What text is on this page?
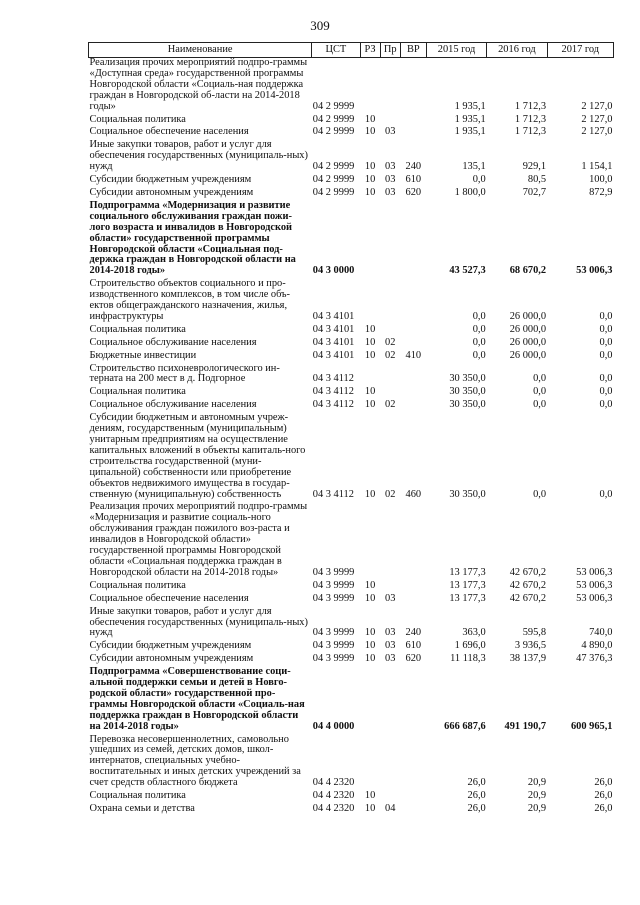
309
Наименование	ЦСТ	РЗ	Пр	ВР	2015 год	2016 год	2017 год
Реализация прочих мероприятий подпро-граммы «Доступная среда» государственной программы Новгородской области «Социаль-ная поддержка граждан в Новгородской об-ласти на 2014-2018 годы»	04 2 9999				1 935,1	1 712,3	2 127,0
Социальная политика	04 2 9999	10			1 935,1	1 712,3	2 127,0
Социальное обеспечение населения	04 2 9999	10	03		1 935,1	1 712,3	2 127,0
Иные закупки товаров, работ и услуг для обеспечения государственных (муниципаль-ных) нужд	04 2 9999	10	03	240	135,1	929,1	1 154,1
Субсидии бюджетным учреждениям	04 2 9999	10	03	610	0,0	80,5	100,0
Субсидии автономным учреждениям	04 2 9999	10	03	620	1 800,0	702,7	872,9
Подпрограмма «Модернизация и развитие социального обслуживания граждан пожи-лого возраста и инвалидов в Новгородской области» государственной программы Новгородской области «Социальная под-держка граждан в Новгородской области на 2014-2018 годы»	04 3 0000				43 527,3	68 670,2	53 006,3
Строительство объектов социального и про-изводственного комплексов, в том числе объ-ектов общегражданского назначения, жилья, инфраструктуры	04 3 4101				0,0	26 000,0	0,0
Социальная политика	04 3 4101	10			0,0	26 000,0	0,0
Социальное обслуживание населения	04 3 4101	10	02		0,0	26 000,0	0,0
Бюджетные инвестиции	04 3 4101	10	02	410	0,0	26 000,0	0,0
Строительство психоневрологического ин-терната на 200 мест в д. Подгорное	04 3 4112				30 350,0	0,0	0,0
Социальная политика	04 3 4112	10			30 350,0	0,0	0,0
Социальное обслуживание населения	04 3 4112	10	02		30 350,0	0,0	0,0
Субсидии бюджетным и автономным учреж-дениям, государственным (муниципальным) унитарным предприятиям на осуществление капитальных вложений в объекты капиталь-ного строительства государственной (муни-ципальной) собственности или приобретение объектов недвижимого имущества в государ-ственную (муниципальную) собственность	04 3 4112	10	02	460	30 350,0	0,0	0,0
Реализация прочих мероприятий подпро-граммы «Модернизация и развитие социаль-ного обслуживания граждан пожилого воз-раста и инвалидов в Новгородской области» государственной программы Новгородской области «Социальная поддержка граждан в Новгородской области на 2014-2018 годы»	04 3 9999				13 177,3	42 670,2	53 006,3
Социальная политика	04 3 9999	10			13 177,3	42 670,2	53 006,3
Социальное обеспечение населения	04 3 9999	10	03		13 177,3	42 670,2	53 006,3
Иные закупки товаров, работ и услуг для обеспечения государственных (муниципаль-ных) нужд	04 3 9999	10	03	240	363,0	595,8	740,0
Субсидии бюджетным учреждениям	04 3 9999	10	03	610	1 696,0	3 936,5	4 890,0
Субсидии автономным учреждениям	04 3 9999	10	03	620	11 118,3	38 137,9	47 376,3
Подпрограмма «Совершенствование соци-альной поддержки семьи и детей в Новго-родской области» государственной про-граммы Новгородской области «Социаль-ная поддержка граждан в Новгородской области на 2014-2018 годы»	04 4 0000				666 687,6	491 190,7	600 965,1
Перевозка несовершеннолетних, самовольно ушедших из семей, детских домов, школ-интернатов, специальных учебно-воспитательных и иных детских учреждений за счет средств областного бюджета	04 4 2320				26,0	20,9	26,0
Социальная политика	04 4 2320	10			26,0	20,9	26,0
Охрана семьи и детства	04 4 2320	10	04		26,0	20,9	26,0
